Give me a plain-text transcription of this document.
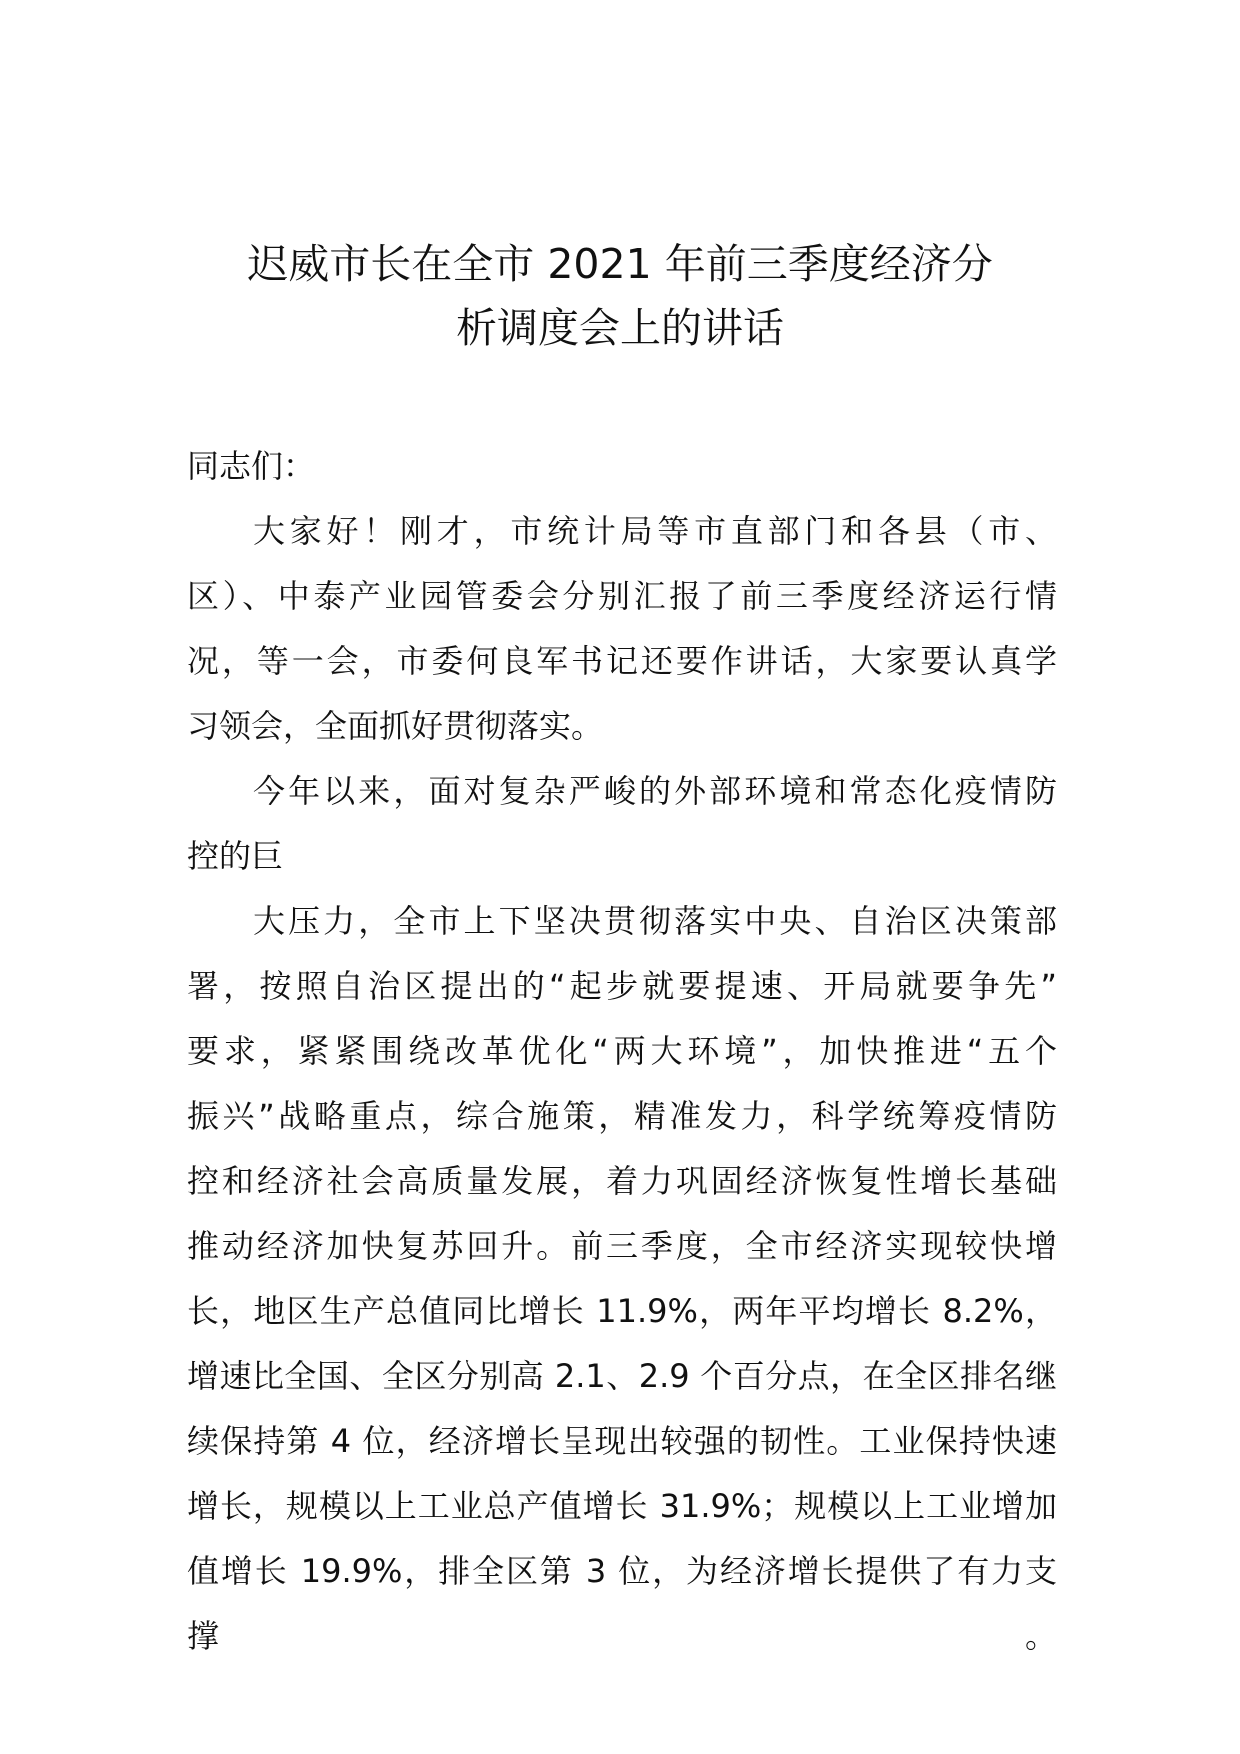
迟威市长在全市 2021 年前三季度经济分
析调度会上的讲话
同志们：
大家好！刚才，市统计局等市直部门和各县（市、
区）、中泰产业园管委会分别汇报了前三季度经济运行情
况，等一会，市委何良军书记还要作讲话，大家要认真学
习领会，全面抓好贯彻落实。
今年以来，面对复杂严峻的外部环境和常态化疫情防
控的巨
大压力，全市上下坚决贯彻落实中央、自治区决策部
署，按照自治区提出的“起步就要提速、开局就要争先”
要求，紧紧围绕改革优化“两大环境”，加快推进“五个
振兴”战略重点，综合施策，精准发力，科学统筹疫情防
控和经济社会高质量发展，着力巩固经济恢复性增长基础
推动经济加快复苏回升。前三季度，全市经济实现较快增
长，地区生产总值同比增长 11.9%，两年平均增长 8.2%，
增速比全国、全区分别高 2.1、2.9 个百分点，在全区排名继
续保持第 4 位，经济增长呈现出较强的韧性。工业保持快速
增长，规模以上工业总产值增长 31.9%；规模以上工业增加
值增长 19.9%，排全区第 3 位，为经济增长提供了有力支撑。
